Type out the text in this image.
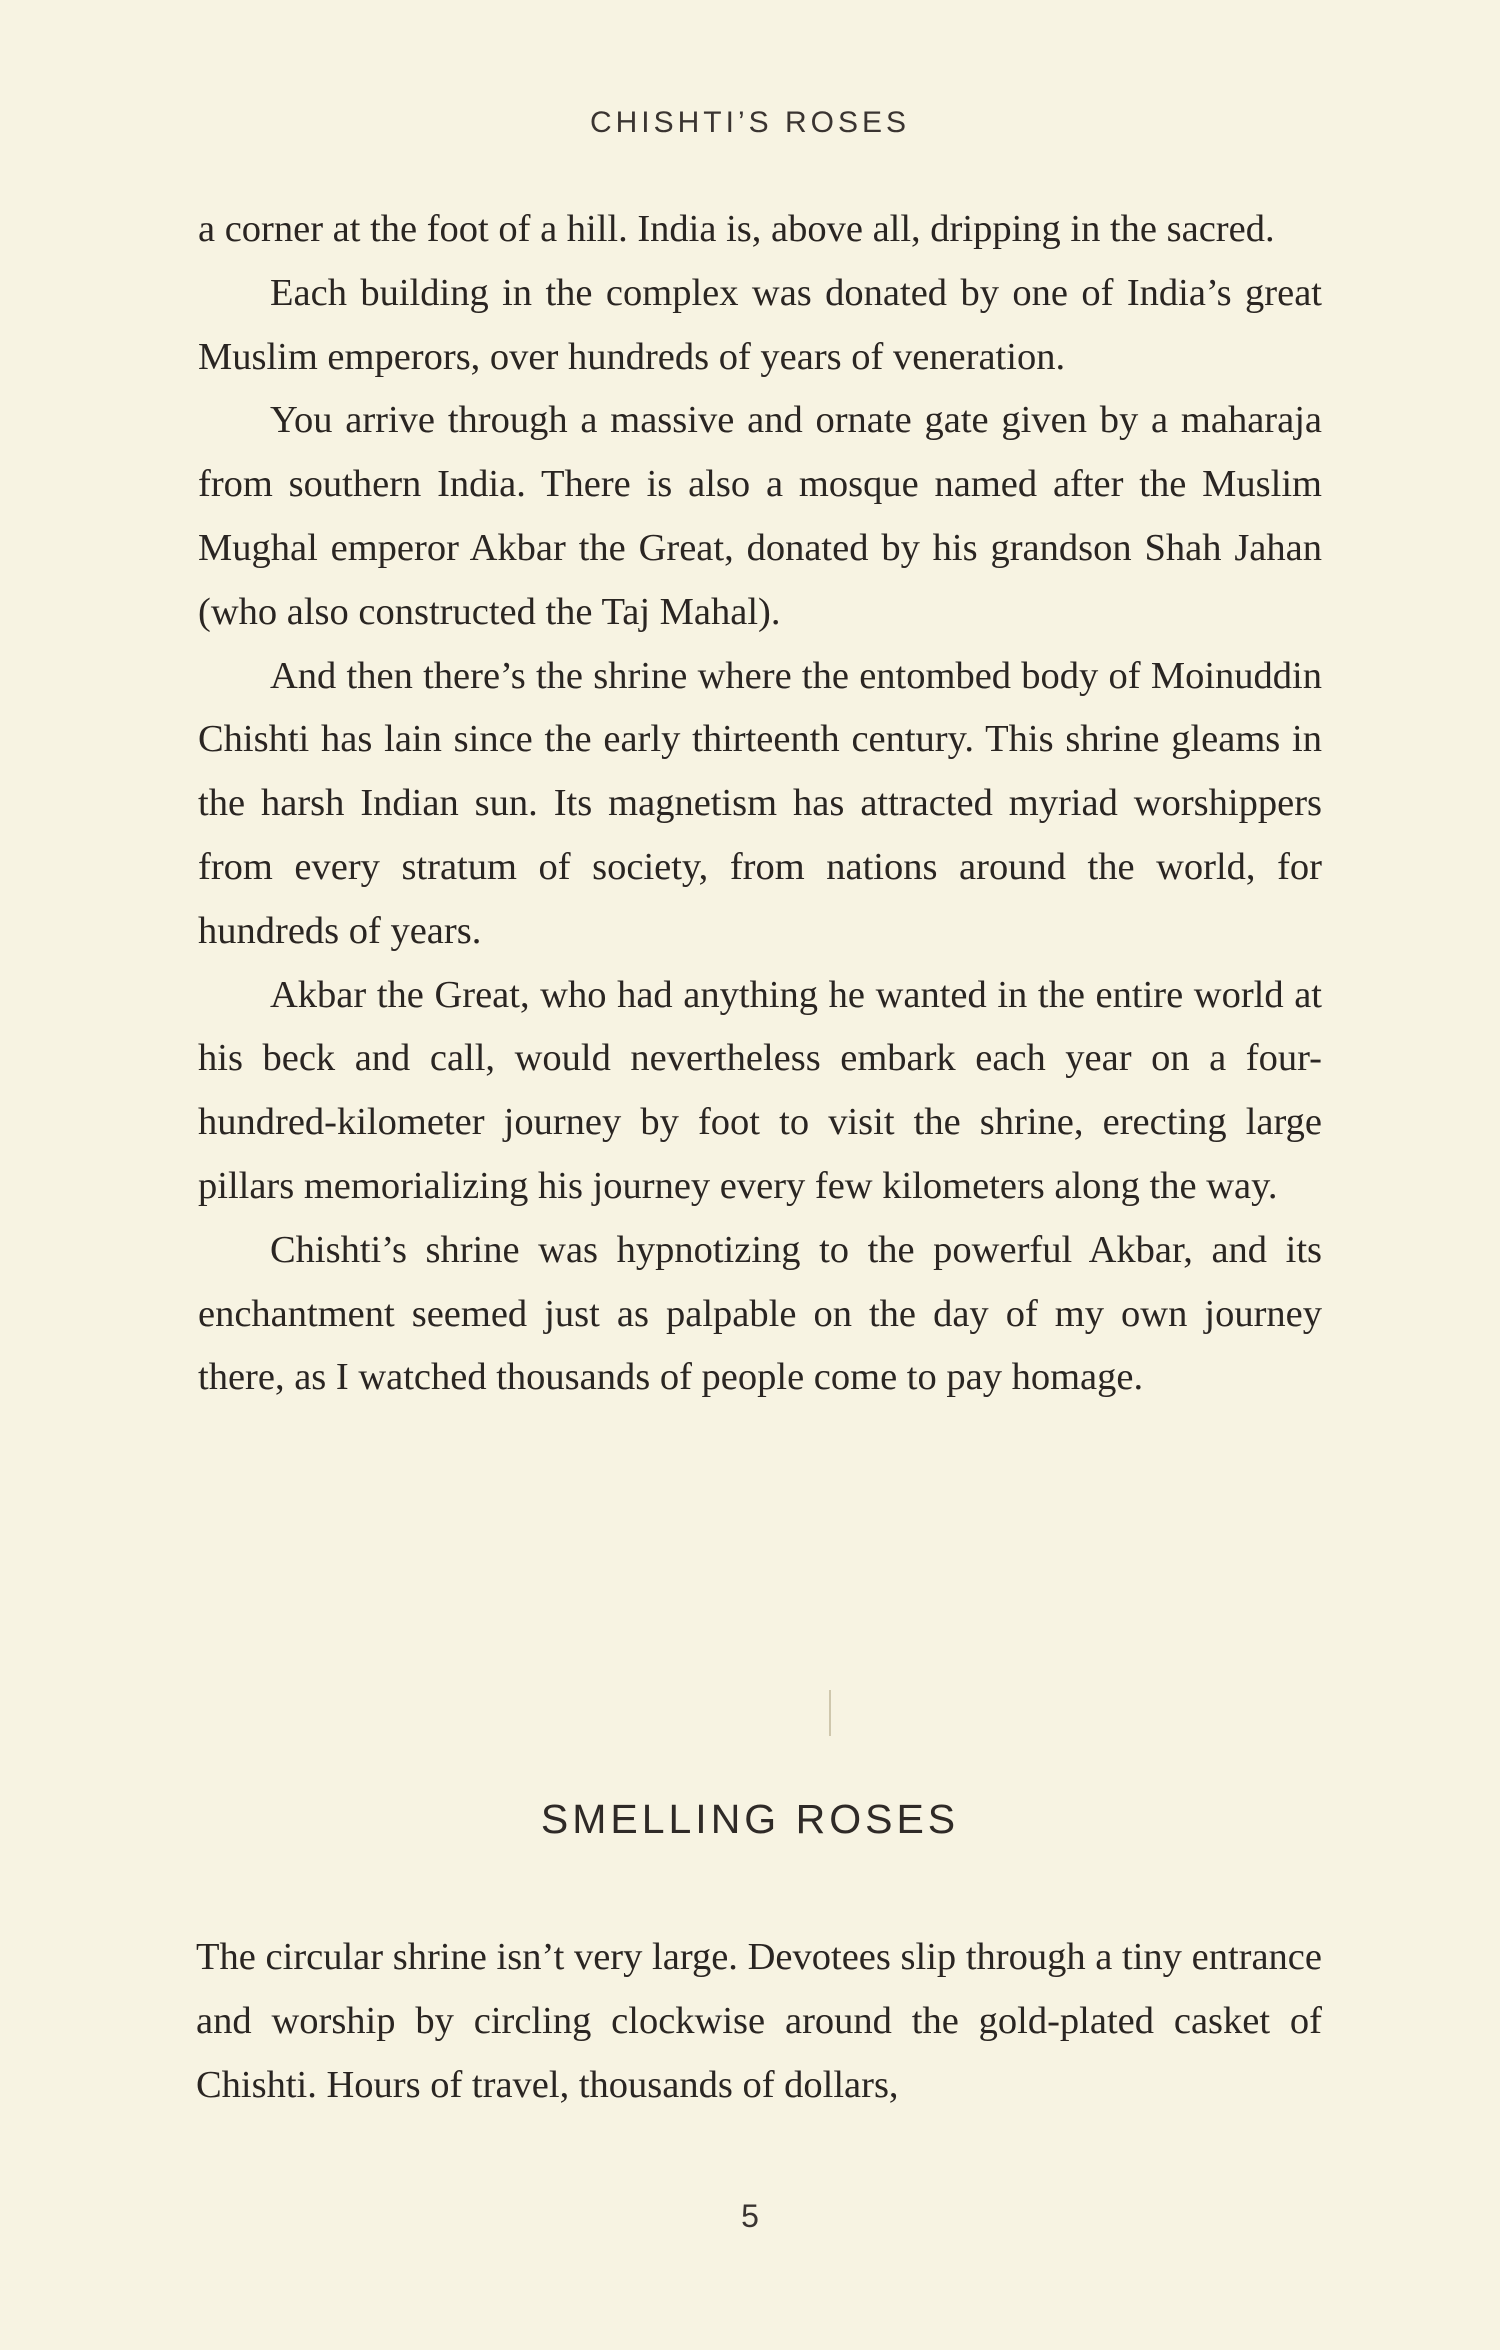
CHISHTI’S ROSES

a corner at the foot of a hill. India is, above all, dripping in the sacred.

Each building in the complex was donated by one of India’s great Muslim emperors, over hundreds of years of veneration.

You arrive through a massive and ornate gate given by a maharaja from southern India. There is also a mosque named after the Muslim Mughal emperor Akbar the Great, donated by his grandson Shah Jahan (who also constructed the Taj Mahal).

And then there’s the shrine where the entombed body of Moinuddin Chishti has lain since the early thirteenth century. This shrine gleams in the harsh Indian sun. Its magnetism has attracted myriad worshippers from every stratum of society, from nations around the world, for hundreds of years.

Akbar the Great, who had anything he wanted in the entire world at his beck and call, would nevertheless embark each year on a four-hundred-kilometer journey by foot to visit the shrine, erecting large pillars memorializing his journey every few kilometers along the way.

Chishti’s shrine was hypnotizing to the powerful Akbar, and its enchantment seemed just as palpable on the day of my own journey there, as I watched thousands of people come to pay homage.

SMELLING ROSES

The circular shrine isn’t very large. Devotees slip through a tiny entrance and worship by circling clockwise around the gold-plated casket of Chishti. Hours of travel, thousands of dollars,

5
